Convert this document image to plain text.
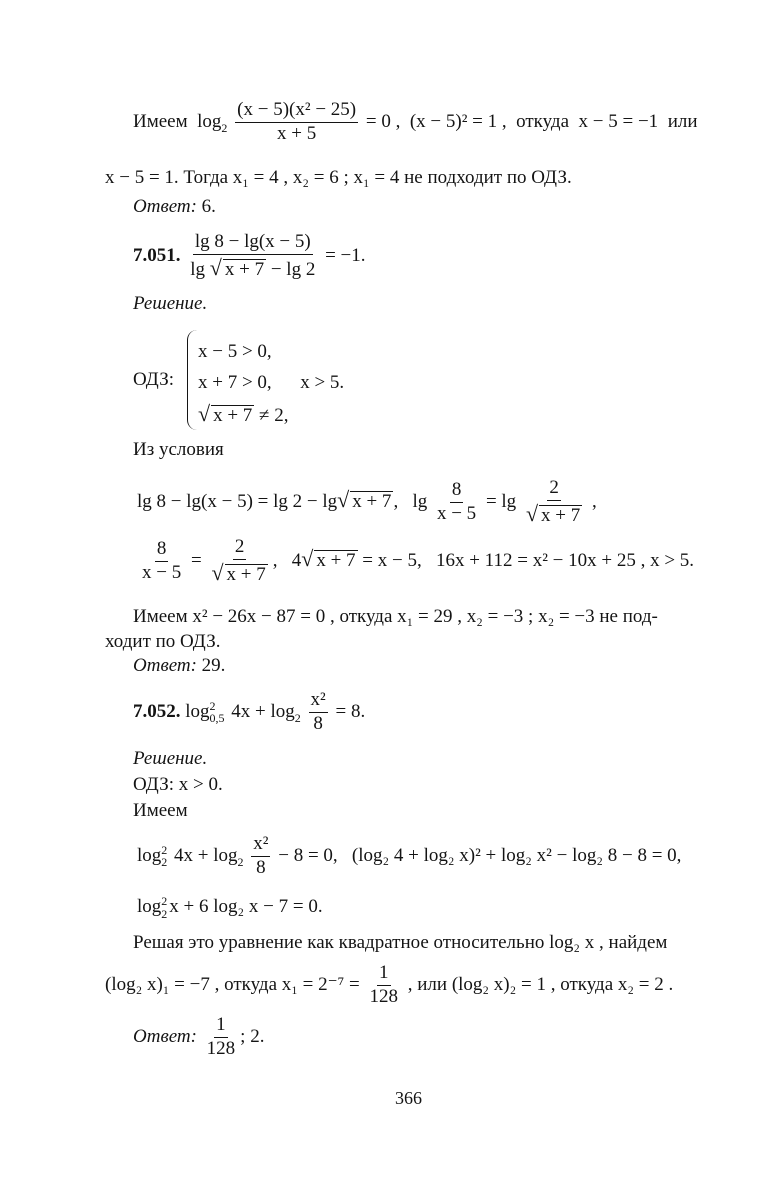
Имеем $\log_2 \frac{\text{(x − 5)(x² − 25)}}{x + 5} = 0$ , (x − 5)² = 1 , откуда x − 5 = −1 или
x − 5 = 1. Тогда x₁ = 4 , x₂ = 6 ; x₁ = 4 не подходит по ОДЗ.
Ответ: 6.
7.051. $\frac{\lg 8 - \lg(x - 5)}{\lg √ x + 7 - \lg 2} = -1$.
Решение.
ОДЗ:
x − 5 > 0,
x + 7 > 0, x > 5.
√ x + 7 ≠ 2,
Из условия
lg 8 − lg(x − 5) = lg 2 − lg√ x + 7 , $\lg \frac{8}{x - 5} = \lg \frac{2}{√ x + 7}$ ,
$\frac{8}{x - 5} = \frac{2}{√ x + 7}$ , 4√ x + 7 = x − 5, 16x + 112 = x² − 10x + 25 , x > 5.
Имеем x² − 26x − 87 = 0 , откуда x₁ = 29 , x₂ = −3 ; x₂ = −3 не под-
ходит по ОДЗ.
Ответ: 29.
7.052. log 2
0,5 $4x + \log_2 \frac{\text{x²}}{8} = 8$.
Решение.
ОДЗ: x > 0.
Имеем
log 2
2 $4x + \log_2 \frac{\text{x²}}{8} - 8 = 0$, (log₂ 4 + log₂ x)² + log₂ x² − log₂ 8 − 8 = 0,
log 2
2 x + 6 log₂ x − 7 = 0.
Решая это уравнение как квадратное относительно log₂ x , найдем
(log₂ x)₁ = −7 , откуда $x_1 = 2^{-7} = \frac{1}{128}$ , или (log₂ x)₂ = 1 , откуда x₂ = 2 .
Ответ: $\frac{1}{128}$ ; 2.
366
